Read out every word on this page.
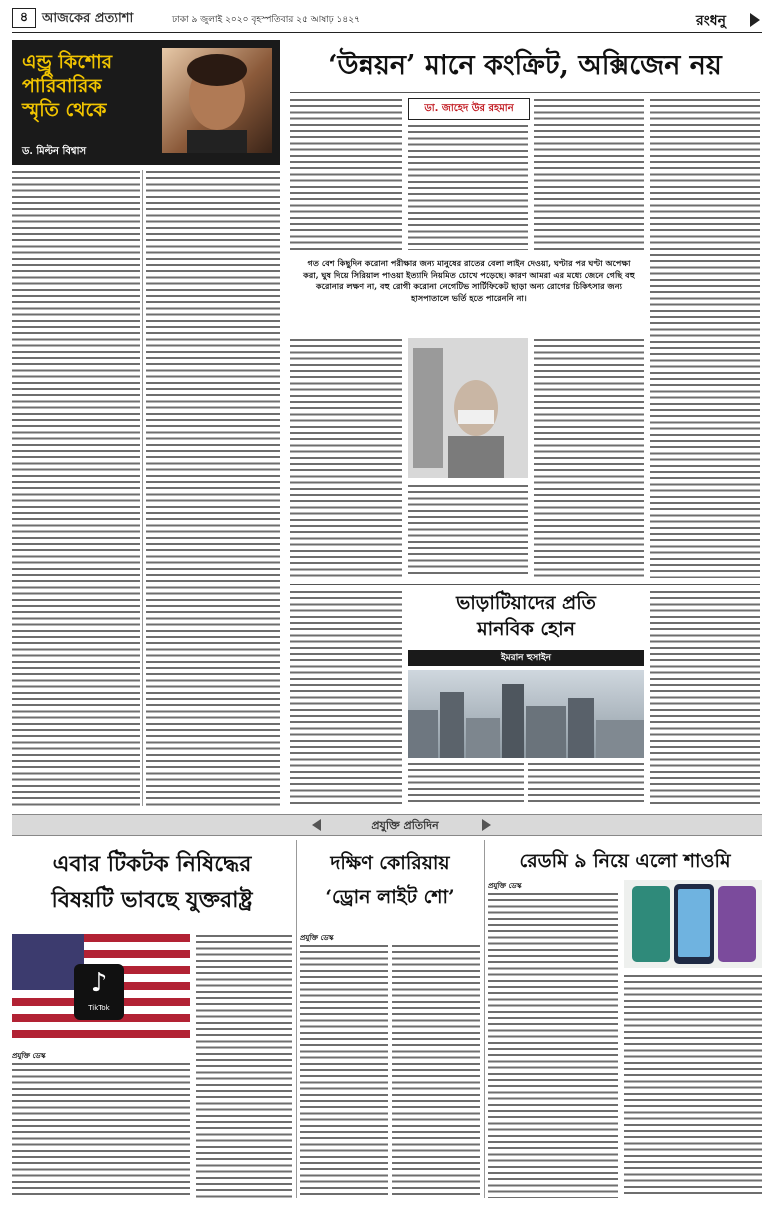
৪	আজকের প্রত্যাশা	ঢাকা ৯ জুলাই ২০২০ বৃহস্পতিবার ২৫ আষাঢ় ১৪২৭	রংধনু
এন্ড্রু কিশোর
পারিবারিক
স্মৃতি থেকে
ড. মিল্টন বিশ্বাস
‘উন্নয়ন’ মানে কংক্রিট, অক্সিজেন নয়
ডা. জাহেদ উর রহমান
গত বেশ কিছুদিন করোনা পরীক্ষার জন্য মানুষের রাতের বেলা লাইন দেওয়া, ঘণ্টার পর ঘণ্টা অপেক্ষা করা, ঘুষ দিয়ে সিরিয়াল পাওয়া ইত্যাদি নিয়মিত চোখে পড়েছে। কারণ আমরা এর মধ্যে জেনে গেছি বহু করোনার লক্ষণ না, বহু রোগী করোনা নেগেটিভ সার্টিফিকেট ছাড়া অন্য রোগের চিকিৎসার জন্য হাসপাতালে ভর্তি হতে পারেননি না।
ভাড়াটিয়াদের প্রতি
মানবিক হোন
ইমরান হুসাইন
প্রযুক্তি প্রতিদিন
এবার টিকটক নিষিদ্ধের
বিষয়টি ভাবছে যুক্তরাষ্ট্র
♪
TikTok
প্রযুক্তি ডেস্ক
দক্ষিণ কোরিয়ায়
‘ড্রোন লাইট শো’
প্রযুক্তি ডেস্ক
রেডমি ৯ নিয়ে এলো শাওমি
প্রযুক্তি ডেস্ক
